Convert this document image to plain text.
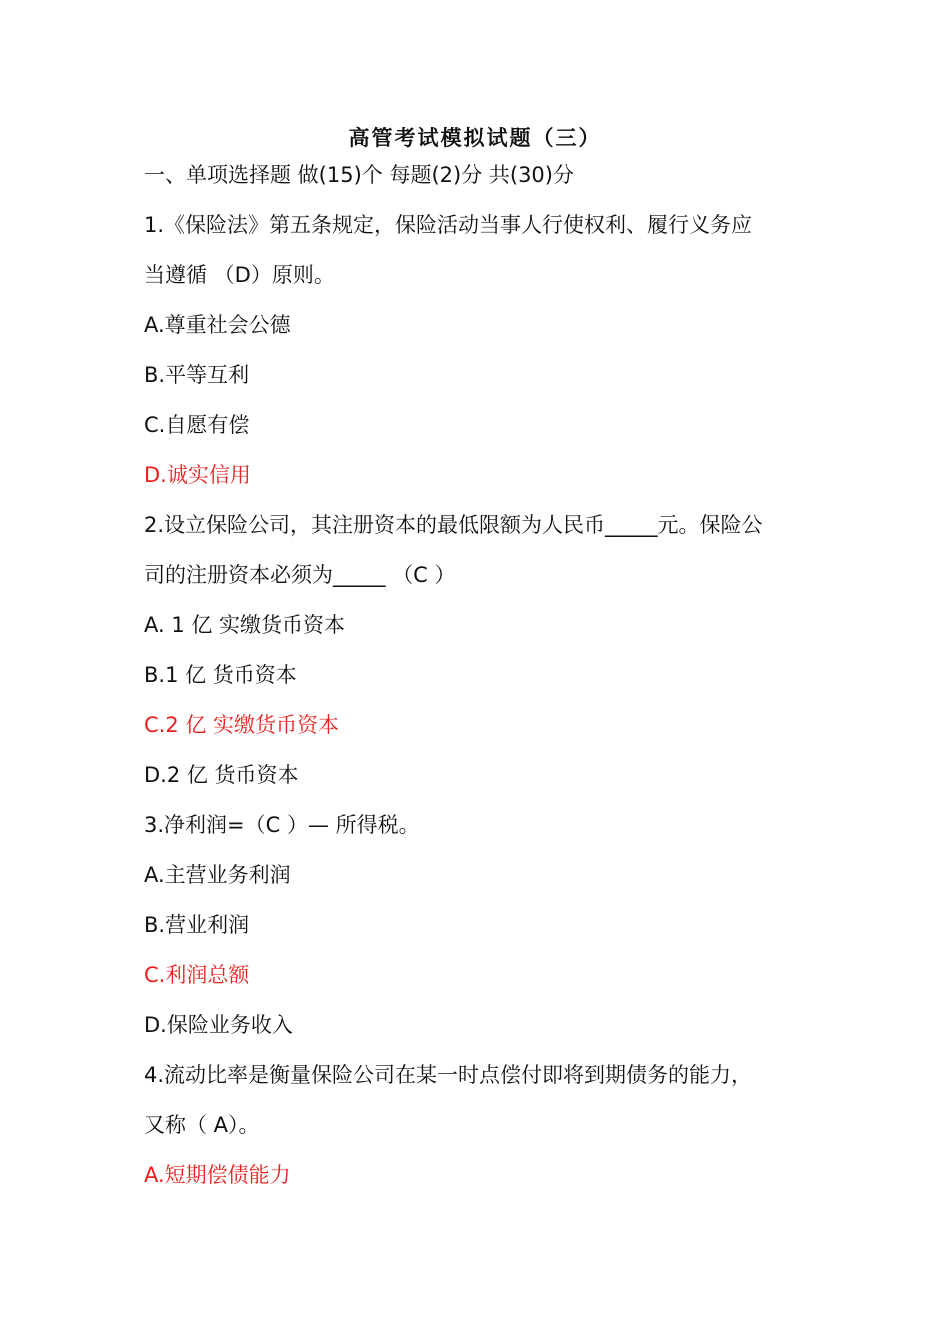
高管考试模拟试题（三）
一、单项选择题 做(15)个 每题(2)分 共(30)分
1.《保险法》第五条规定，保险活动当事人行使权利、履行义务应
当遵循 （D）原则。
A.尊重社会公德
B.平等互利
C.自愿有偿
D.诚实信用
2.设立保险公司，其注册资本的最低限额为人民币_____元。保险公
司的注册资本必须为_____ （C ）
A. 1 亿 实缴货币资本
B.1 亿 货币资本
C.2 亿 实缴货币资本
D.2 亿 货币资本
3.净利润=（C ）— 所得税。
A.主营业务利润
B.营业利润
C.利润总额
D.保险业务收入
4.流动比率是衡量保险公司在某一时点偿付即将到期债务的能力，
又称（ A）。
A.短期偿债能力
